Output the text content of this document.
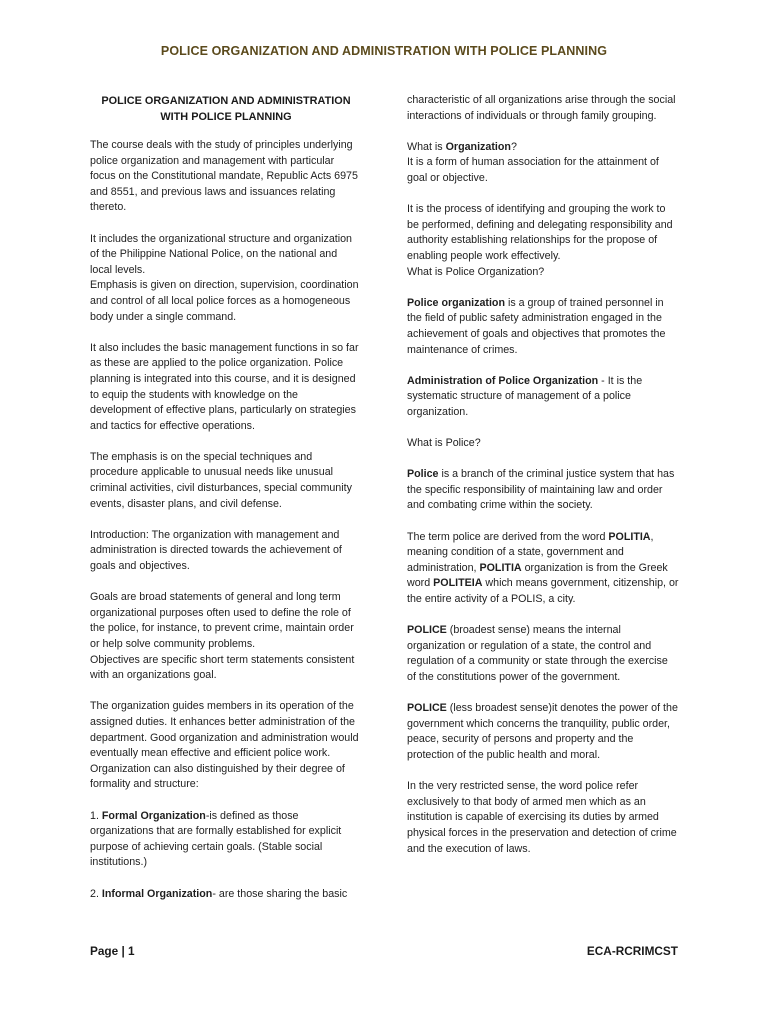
POLICE ORGANIZATION AND ADMINISTRATION WITH POLICE PLANNING
POLICE ORGANIZATION AND ADMINISTRATION
WITH POLICE PLANNING

The course deals with the study of principles underlying police organization and management with particular focus on the Constitutional mandate, Republic Acts 6975 and 8551, and previous laws and issuances relating thereto.

It includes the organizational structure and organization of the Philippine National Police, on the national and local levels.

Emphasis is given on direction, supervision, coordination and control of all local police forces as a homogeneous body under a single command.

It also includes the basic management functions in so far as these are applied to the police organization. Police planning is integrated into this course, and it is designed to equip the students with knowledge on the development of effective plans, particularly on strategies and tactics for effective operations.

The emphasis is on the special techniques and procedure applicable to unusual needs like unusual criminal activities, civil disturbances, special community events, disaster plans, and civil defense.

Introduction: The organization with management and administration is directed towards the achievement of goals and objectives.

Goals are broad statements of general and long term organizational purposes often used to define the role of the police, for instance, to prevent crime, maintain order or help solve community problems.

Objectives are specific short term statements consistent with an organizations goal.

The organization guides members in its operation of the assigned duties. It enhances better administration of the department. Good organization and administration would eventually mean effective and efficient police work.

Organization can also distinguished by their degree of formality and structure:

1. Formal Organization-is defined as those organizations that are formally established for explicit purpose of achieving certain goals. (Stable social institutions.)

2. Informal Organization- are those sharing the basic

characteristic of all organizations arise through the social interactions of individuals or through family grouping.

What is Organization?

It is a form of human association for the attainment of goal or objective.

It is the process of identifying and grouping the work to be performed, defining and delegating responsibility and authority establishing relationships for the propose of enabling people work effectively.

What is Police Organization?

Police organization is a group of trained personnel in the field of public safety administration engaged in the achievement of goals and objectives that promotes the maintenance of crimes.

Administration of Police Organization - It is the systematic structure of management of a police organization.

What is Police?

Police is a branch of the criminal justice system that has the specific responsibility of maintaining law and order and combating crime within the society.

The term police are derived from the word POLITIA, meaning condition of a state, government and administration, POLITIA organization is from the Greek word POLITEIA which means government, citizenship, or the entire activity of a POLIS, a city.

POLICE (broadest sense) means the internal organization or regulation of a state, the control and regulation of a community or state through the exercise of the constitutions power of the government.

POLICE (less broadest sense)it denotes the power of the government which concerns the tranquility, public order, peace, security of persons and property and the protection of the public health and moral.

In the very restricted sense, the word police refer exclusively to that body of armed men which as an institution is capable of exercising its duties by armed physical forces in the preservation and detection of crime and the execution of laws.

Page | 1	ECA-RCRIMCST
